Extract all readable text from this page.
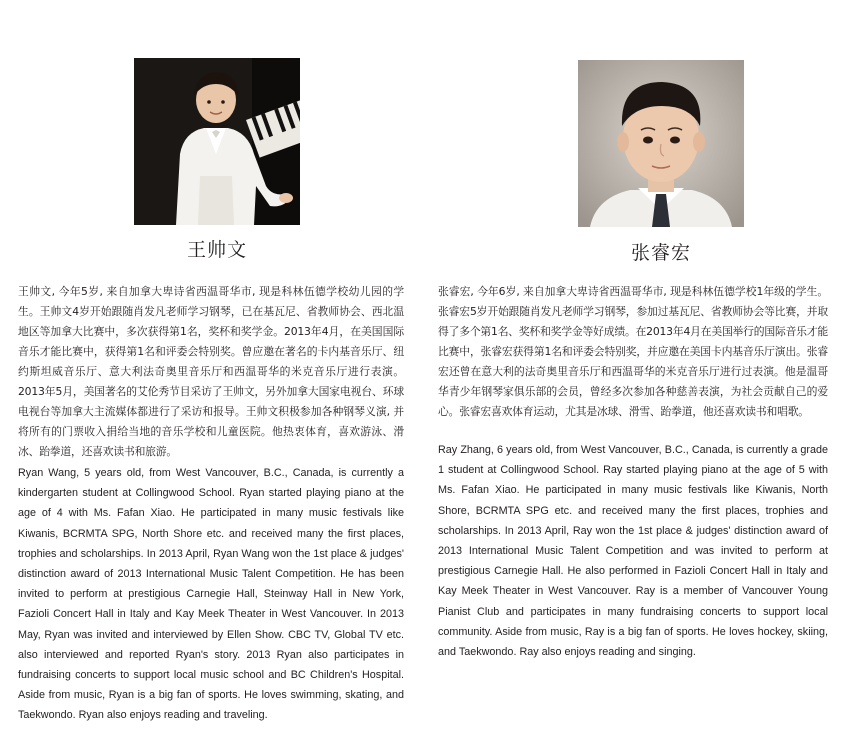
王帅文

王帅文, 今年5岁, 来自加拿大卑诗省西温哥华市, 现是科林伍德学校幼儿园的学生。王帅文4岁开始跟随肖发凡老师学习钢琴，已在基瓦尼、省教师协会、西北温地区等加拿大比赛中，多次获得第1名，奖杯和奖学金。2013年4月，在美国国际音乐才能比赛中，获得第1名和评委会特别奖。曾应邀在著名的卡内基音乐厅、纽约斯坦威音乐厅、意大利法奇奥里音乐厅和西温哥华的米克音乐厅进行表演。2013年5月，美国著名的艾伦秀节目采访了王帅文，另外加拿大国家电视台、环球电视台等加拿大主流媒体都进行了采访和报导。王帅文积极参加各种钢琴义演, 并将所有的门票收入捐给当地的音乐学校和儿童医院。他热衷体育，喜欢游泳、滑冰、跆拳道，还喜欢读书和旅游。

Ryan Wang, 5 years old, from West Vancouver, B.C., Canada, is currently a kindergarten student at Collingwood School. Ryan started playing piano at the age of 4 with Ms. Fafan Xiao. He participated in many music festivals like Kiwanis, BCRMTA SPG, North Shore etc. and received many the first places, trophies and scholarships. In 2013 April, Ryan Wang won the 1st place & judges' distinction award of 2013 International Music Talent Competition. He has been invited to perform at prestigious Carnegie Hall, Steinway Hall in New York, Fazioli Concert Hall in Italy and Kay Meek Theater in West Vancouver. In 2013 May, Ryan was invited and interviewed by Ellen Show. CBC TV, Global TV etc. also interviewed and reported Ryan's story. 2013 Ryan also participates in fundraising concerts to support local music school and BC Children's Hospital. Aside from music, Ryan is a big fan of sports. He loves swimming, skating, and Taekwondo. Ryan also enjoys reading and traveling.

张睿宏

张睿宏, 今年6岁, 来自加拿大卑诗省西温哥华市, 现是科林伍德学校1年级的学生。张睿宏5岁开始跟随肖发凡老师学习钢琴，参加过基瓦尼、省教师协会等比赛，并取得了多个第1名、奖杯和奖学金等好成绩。在2013年4月在美国举行的国际音乐才能比赛中，张睿宏获得第1名和评委会特别奖，并应邀在美国卡内基音乐厅演出。张睿宏还曾在意大利的法奇奥里音乐厅和西温哥华的米克音乐厅进行过表演。他是温哥华青少年钢琴家俱乐部的会员，曾经多次参加各种慈善表演，为社会贡献自己的爱心。张睿宏喜欢体育运动，尤其是冰球、滑雪、跆拳道，他还喜欢读书和唱歌。

Ray Zhang, 6 years old, from West Vancouver, B.C., Canada, is currently a grade 1 student at Collingwood School. Ray started playing piano at the age of 5 with Ms. Fafan Xiao. He participated in many music festivals like Kiwanis, North Shore, BCRMTA SPG etc. and received many the first places, trophies and scholarships. In 2013 April, Ray won the 1st place & judges' distinction award of 2013 International Music Talent Competition and was invited to perform at prestigious Carnegie Hall. He also performed in Fazioli Concert Hall in Italy and Kay Meek Theater in West Vancouver. Ray is a member of Vancouver Young Pianist Club and participates in many fundraising concerts to support local community. Aside from music, Ray is a big fan of sports. He loves hockey, skiing, and Taekwondo. Ray also enjoys reading and singing.
